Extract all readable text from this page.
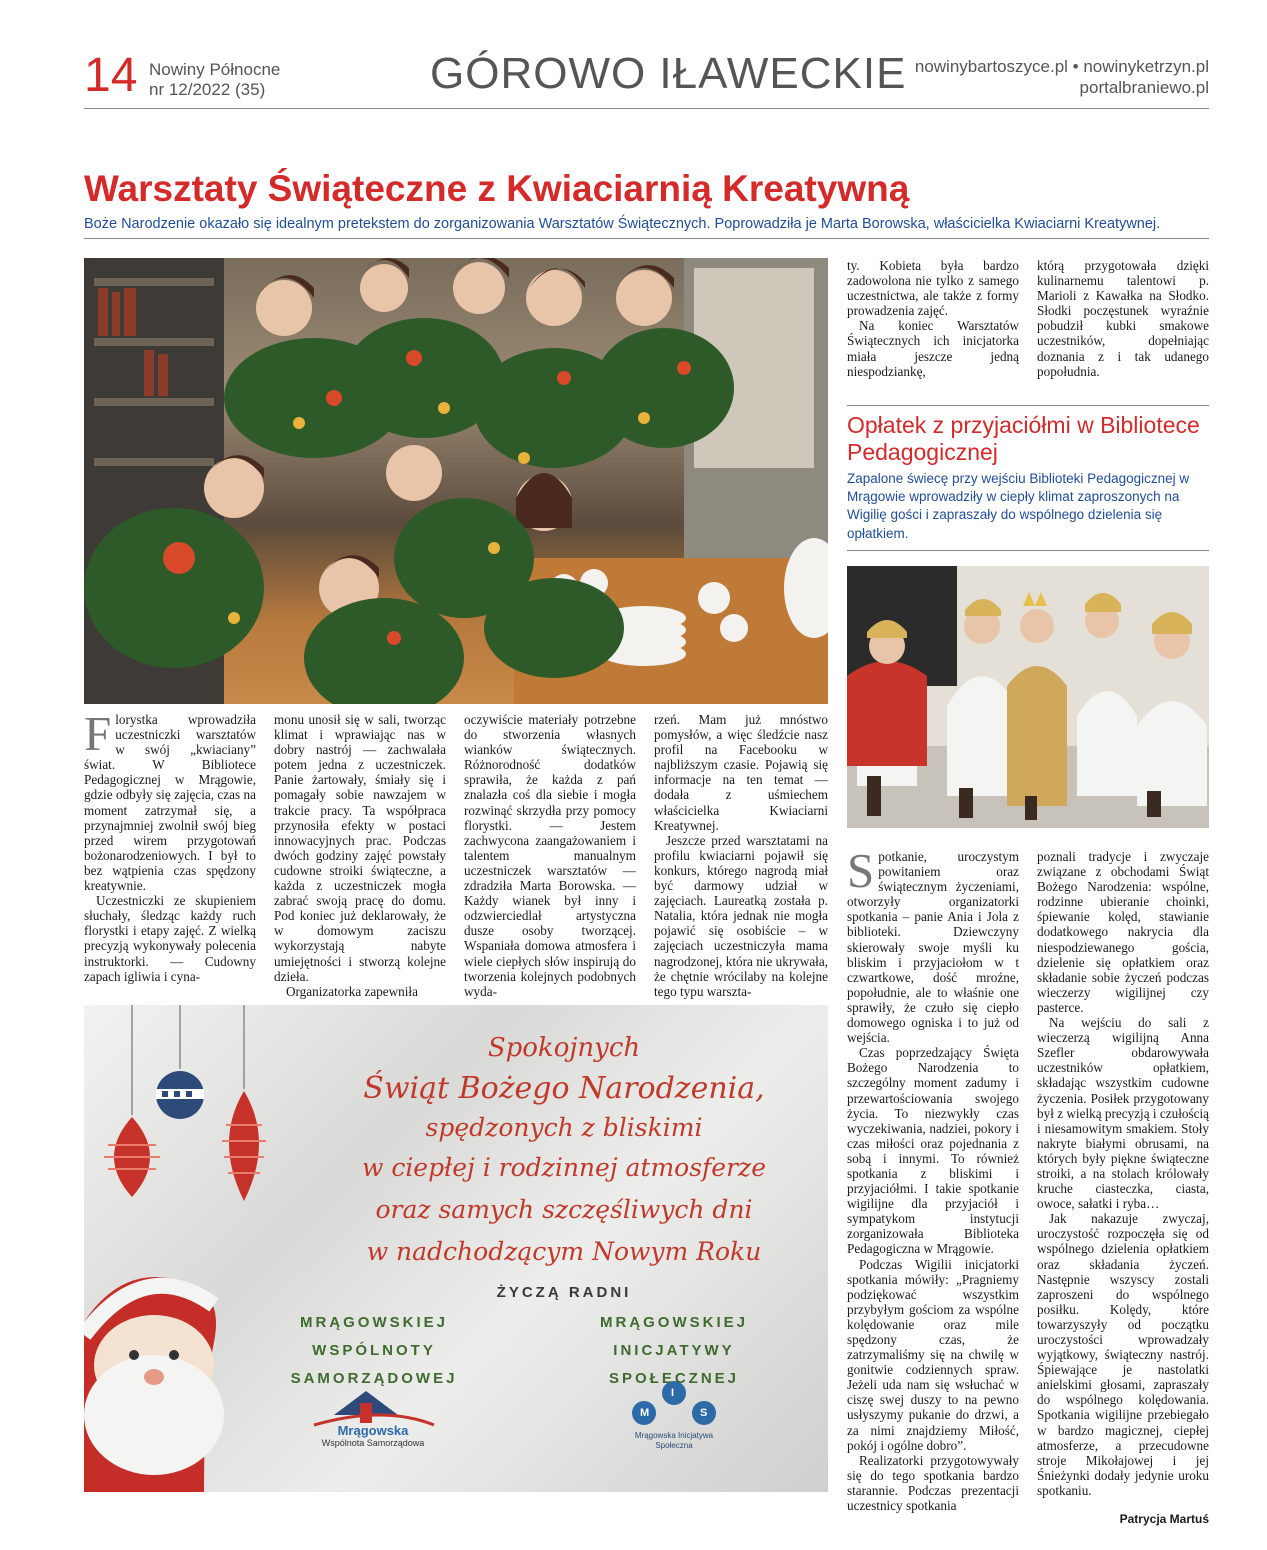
14 Nowiny Północne
nr 12/2022 (35)	GÓROWO IŁAWECKIE nowinybartoszyce.pl • nowinyketrzyn.pl
portalbraniewo.pl
Warsztaty Świąteczne z Kwiaciarnią Kreatywną
Boże Narodzenie okazało się idealnym pretekstem do zorganizowania Warsztatów Świątecznych. Poprowadziła je Marta Borowska, właścicielka Kwiaciarni Kreatywnej.

Florystka wprowadziła uczestniczki warsztatów w swój „kwiaciany” świat. W Bibliotece Pedagogicznej w Mrągowie, gdzie odbyły się zajęcia, czas na moment zatrzymał się, a przynajmniej zwolnił swój bieg przed wirem przygotowań bożonarodzeniowych. I był to bez wątpienia czas spędzony kreatywnie.

Uczestniczki ze skupieniem słuchały, śledząc każdy ruch florystki i etapy zajęć. Z wielką precyzją wykonywały polecenia instruktorki. — Cudowny zapach igliwia i cyna-

monu unosił się w sali, tworząc klimat i wprawiając nas w dobry nastrój — zachwalała potem jedna z uczestniczek. Panie żartowały, śmiały się i pomagały sobie nawzajem w trakcie pracy. Ta współpraca przynosiła efekty w postaci innowacyjnych prac. Podczas dwóch godziny zajęć powstały cudowne stroiki świąteczne, a każda z uczestniczek mogła zabrać swoją pracę do domu. Pod koniec już deklarowały, że w domowym zaciszu wykorzystają nabyte umiejętności i stworzą kolejne dzieła.

Organizatorka zapewniła

oczywiście materiały potrzebne do stworzenia własnych wianków świątecznych. Różnorodność dodatków sprawiła, że każda z pań znalazła coś dla siebie i mogła rozwinąć skrzydła przy pomocy florystki. — Jestem zachwycona zaangażowaniem i talentem manualnym uczestniczek warsztatów — zdradziła Marta Borowska. — Każdy wianek był inny i odzwierciedlał artystyczna dusze osoby tworzącej. Wspaniała domowa atmosfera i wiele ciepłych słów inspirują do tworzenia kolejnych podobnych wyda-

rzeń. Mam już mnóstwo pomysłów, a więc śledźcie nasz profil na Facebooku w najbliższym czasie. Pojawią się informacje na ten temat — dodała z uśmiechem właścicielka Kwiaciarni Kreatywnej.

Jeszcze przed warsztatami na profilu kwiaciarni pojawił się konkurs, którego nagrodą miał być darmowy udział w zajęciach. Laureatką została p. Natalia, która jednak nie mogła pojawić się osobiście – w zajęciach uczestniczyła mama nagrodzonej, która nie ukrywała, że chętnie wrócilaby na kolejne tego typu warszta-

ty. Kobieta była bardzo zadowolona nie tylko z samego uczestnictwa, ale także z formy prowadzenia zajęć.

Na koniec Warsztatów Świątecznych ich inicjatorka miała jeszcze jedną niespodziankę,

którą przygotowała dzięki kulinarnemu talentowi p. Marioli z Kawałka na Słodko. Słodki poczęstunek wyraźnie pobudził kubki smakowe uczestników, dopełniając doznania z i tak udanego popołudnia.

Opłatek z przyjaciółmi w Bibliotece Pedagogicznej
Zapalone świecę przy wejściu Biblioteki Pedagogicznej w Mrągowie wprowadziły w ciepły klimat zaproszonych na Wigilię gości i zapraszały do wspólnego dzielenia się opłatkiem.

Spotkanie, uroczystym powitaniem oraz świątecznym życzeniami, otworzyły organizatorki spotkania – panie Ania i Jola z biblioteki. Dziewczyny skierowały swoje myśli ku bliskim i przyjaciołom w t czwartkowe, dość mroźne, popołudnie, ale to właśnie one sprawiły, że czuło się ciepło domowego ogniska i to już od wejścia.

Czas poprzedzający Święta Bożego Narodzenia to szczególny moment zadumy i przewartościowania swojego życia. To niezwykły czas wyczekiwania, nadziei, pokory i czas miłości oraz pojednania z sobą i innymi. To również spotkania z bliskimi i przyjaciółmi. I takie spotkanie wigilijne dla przyjaciół i sympatykom instytucji zorganizowała Biblioteka Pedagogiczna w Mrągowie.

Podczas Wigilii inicjatorki spotkania mówiły: „Pragniemy podziękować wszystkim przybyłym gościom za wspólne kolędowanie oraz mile spędzony czas, że zatrzymaliśmy się na chwilę w gonitwie codziennych spraw. Jeżeli uda nam się wsłuchać w ciszę swej duszy to na pewno usłyszymy pukanie do drzwi, a za nimi znajdziemy Miłość, pokój i ogólne dobro”.

Realizatorki przygotowywały się do tego spotkania bardzo starannie. Podczas prezentacji uczestnicy spotkania

poznali tradycje i zwyczaje związane z obchodami Świąt Bożego Narodzenia: wspólne, rodzinne ubieranie choinki, śpiewanie kolęd, stawianie dodatkowego nakrycia dla niespodziewanego gościa, dzielenie się opłatkiem oraz składanie sobie życzeń podczas wieczerzy wigilijnej czy pasterce.

Na wejściu do sali z wieczerzą wigilijną Anna Szefler obdarowywała uczestników opłatkiem, składając wszystkim cudowne życzenia. Posiłek przygotowany był z wielką precyzją i czułością i niesamowitym smakiem. Stoły nakryte białymi obrusami, na których były piękne świąteczne stroiki, a na stolach królowały kruche ciasteczka, ciasta, owoce, sałatki i ryba…

Jak nakazuje zwyczaj, uroczystość rozpoczęła się od wspólnego dzielenia opłatkiem oraz składania życzeń. Następnie wszyscy zostali zaproszeni do wspólnego posiłku. Kolędy, które towarzyszyły od początku uroczystości wprowadzały wyjątkowy, świąteczny nastrój. Śpiewające je nastolatki anielskimi głosami, zapraszały do wspólnego kolędowania. Spotkania wigilijne przebiegało w bardzo magicznej, ciepłej atmosferze, a przecudowne stroje Mikołajowej i jej Śnieżynki dodały jedynie uroku spotkaniu.

Patrycja Martuś
Spokojnych
Świąt Bożego Narodzenia,
spędzonych z bliskimi
w ciepłej i rodzinnej atmosferze
oraz samych szczęśliwych dni
w nadchodzącym Nowym Roku
ŻYCZĄ RADNI
MRĄGOWSKIEJ
WSPÓLNOTY
SAMORZĄDOWEJ
MRĄGOWSKIEJ
INICJATYWY
SPOŁECZNEJ
Mrągowska
Wspólnota Samorządowa
M
I
S
Mrągowska Inicjatywa
Społeczna
